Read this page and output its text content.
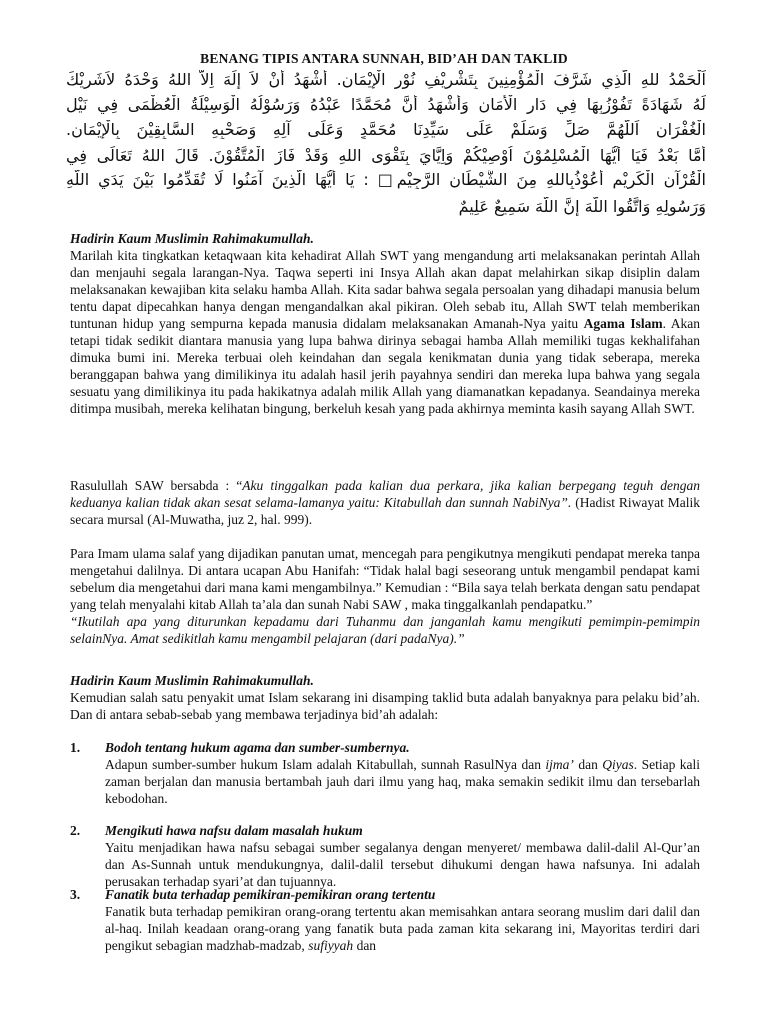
BENANG TIPIS ANTARA SUNNAH, BID’AH DAN TAKLID
اَلْحَمْدُ للهِ الَّذِي شَرَّفَ الْمُؤْمِنِينَ بِتَشْرِيْفِ نُوْرِ الْإِيْمَانِ. أَشْهَدُ أَنْ لاَ إِلَهَ اِلاَّ اللهُ وَحْدَهُ لاَشَرِيْكَ
لَهُ شَهَادَةً تَفُوْزُبِهَا فِي دَارِ الْأَمَانِ وَأَشْهَدُ أَنَّ مُحَمَّدًا عَبْدُهُ وَرَسُوْلُهُ الْوَسِيْلَةُ الْعُظْمَى فِي نَيْلِ
الْغُفْرَانِ اَللَّهُمَّ صَلِّ وَسَلِّمْ عَلَى سَيِّدِنَا مُحَمَّدٍ وَعَلَى آلِهِ وَصَحْبِهِ السَّابِقِيْنَ بِالْإِيْمَانِ.
أَمَّا بَعْدُ فَيَا أَيُّهَا الْمُسْلِمُوْنَ اُوْصِيْكُمْ وَاِيَّايَ بِتَقْوَى اللهِ وَقَدْ فَازَ الْمُتَّقُوْنَ. قَالَ اللهُ تَعَالَى فِي
الْقُرْآنِ الْكَرِيْمِ أَعُوْذُبِاللهِ مِنَ الشَّيْطَانِ الرَّجِيْمِ□ : يَا أَيُّهَا الَّذِينَ آمَنُوا لَا تُقَدِّمُوا بَيْنَ يَدَيِ اللَّهِ
وَرَسُولِهِ وَاتَّقُوا اللَّهَ إِنَّ اللَّهَ سَمِيعٌ عَلِيمٌ

Hadirin Kaum Muslimin Rahimakumullah.

Marilah kita tingkatkan ketaqwaan kita kehadirat Allah SWT yang mengandung arti melaksanakan perintah Allah dan menjauhi segala larangan-Nya. Taqwa seperti ini Insya Allah akan dapat melahirkan sikap disiplin dalam melaksanakan kewajiban kita selaku hamba Allah. Kita sadar bahwa segala persoalan yang dihadapi manusia belum tentu dapat dipecahkan hanya dengan mengandalkan akal pikiran. Oleh sebab itu, Allah SWT telah memberikan tuntunan hidup yang sempurna kepada manusia didalam melaksanakan Amanah-Nya yaitu Agama Islam. Akan tetapi tidak sedikit diantara manusia yang lupa bahwa dirinya sebagai hamba Allah memiliki tugas kekhalifahan dimuka bumi ini. Mereka terbuai oleh keindahan dan segala kenikmatan dunia yang tidak seberapa, mereka beranggapan bahwa yang dimilikinya itu adalah hasil jerih payahnya sendiri dan mereka lupa bahwa yang segala sesuatu yang dimilikinya itu pada hakikatnya adalah milik Allah yang diamanatkan kepadanya. Seandainya mereka ditimpa musibah, mereka kelihatan bingung, berkeluh kesah yang pada akhirnya meminta kasih sayang Allah SWT.

Rasulullah SAW bersabda : “Aku tinggalkan pada kalian dua perkara, jika kalian berpegang teguh dengan keduanya kalian tidak akan sesat selama-lamanya yaitu: Kitabullah dan sunnah NabiNya”. (Hadist Riwayat Malik secara mursal (Al-Muwatha, juz 2, hal. 999).

Para Imam ulama salaf yang dijadikan panutan umat, mencegah para pengikutnya mengikuti pendapat mereka tanpa mengetahui dalilnya. Di antara ucapan Abu Hanifah: “Tidak halal bagi seseorang untuk mengambil pendapat kami sebelum dia mengetahui dari mana kami mengambilnya.” Kemudian : “Bila saya telah berkata dengan satu pendapat yang telah menyalahi kitab Allah ta’ala dan sunah Nabi SAW , maka tinggalkanlah pendapatku.”

“Ikutilah apa yang diturunkan kepadamu dari Tuhanmu dan janganlah kamu mengikuti pemimpin-pemimpin selainNya. Amat sedikitlah kamu mengambil pelajaran (dari padaNya).”

Hadirin Kaum Muslimin Rahimakumullah.

Kemudian salah satu penyakit umat Islam sekarang ini disamping taklid buta adalah banyaknya para pelaku bid’ah. Dan di antara sebab-sebab yang membawa terjadinya bid’ah adalah:

1. Bodoh tentang hukum agama dan sumber-sumbernya.
Adapun sumber-sumber hukum Islam adalah Kitabullah, sunnah RasulNya dan ijma’ dan Qiyas. Setiap kali zaman berjalan dan manusia bertambah jauh dari ilmu yang haq, maka semakin sedikit ilmu dan tersebarlah kebodohan.
2. Mengikuti hawa nafsu dalam masalah hukum
Yaitu menjadikan hawa nafsu sebagai sumber segalanya dengan menyeret/ membawa dalil-dalil Al-Qur’an dan As-Sunnah untuk mendukungnya, dalil-dalil tersebut dihukumi dengan hawa nafsunya. Ini adalah perusakan terhadap syari’at dan tujuannya.
3. Fanatik buta terhadap pemikiran-pemikiran orang tertentu
Fanatik buta terhadap pemikiran orang-orang tertentu akan memisahkan antara seorang muslim dari dalil dan al-haq. Inilah keadaan orang-orang yang fanatik buta pada zaman kita sekarang ini, Mayoritas terdiri dari pengikut sebagian madzhab-madzab, sufiyyah dan
